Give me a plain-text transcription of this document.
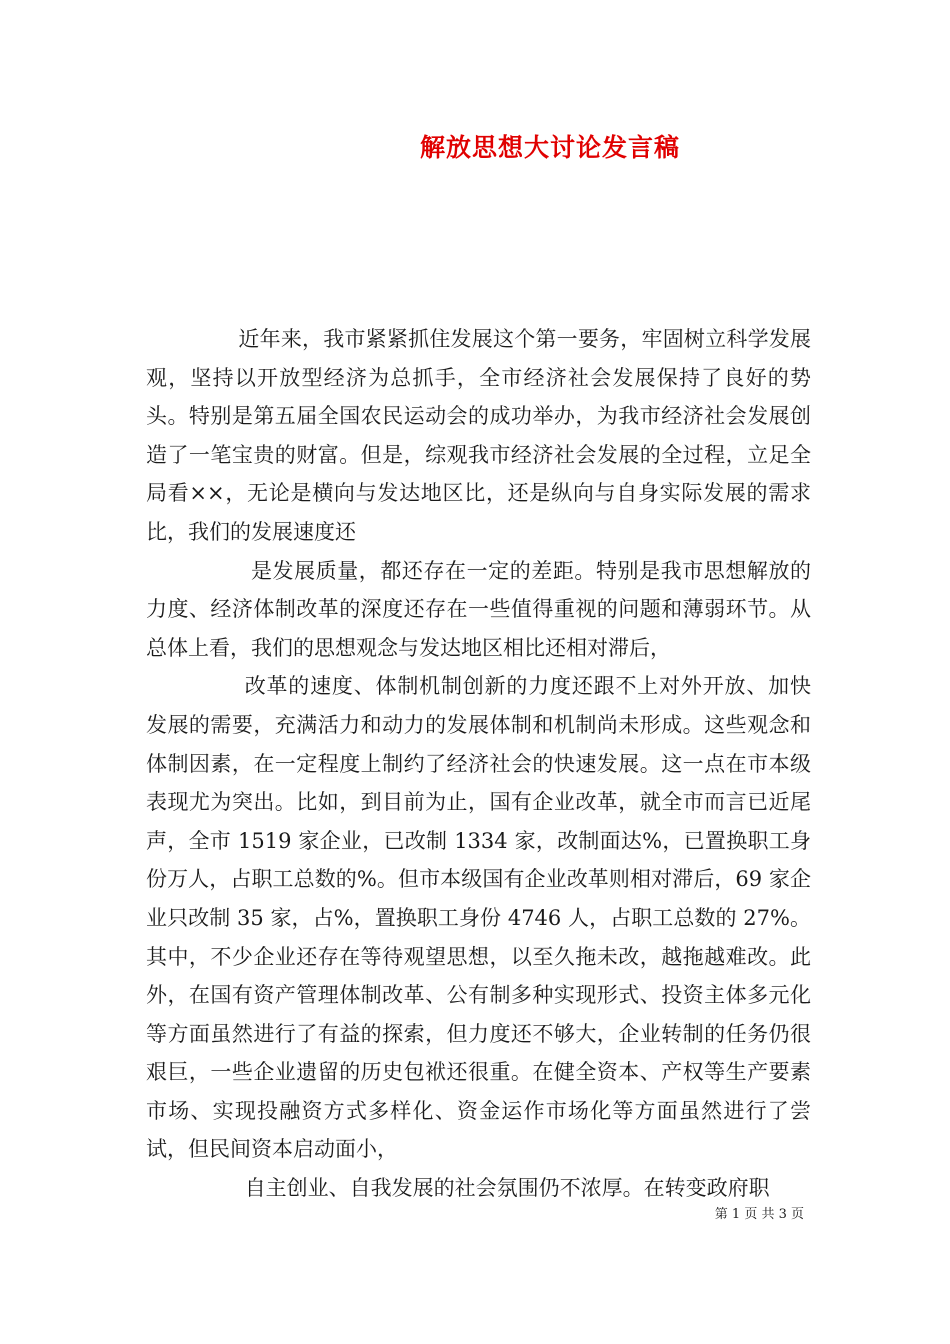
解放思想大讨论发言稿

近年来，我市紧紧抓住发展这个第一要务，牢固树立科学发展观，坚持以开放型经济为总抓手，全市经济社会发展保持了良好的势头。特别是第五届全国农民运动会的成功举办，为我市经济社会发展创造了一笔宝贵的财富。但是，综观我市经济社会发展的全过程，立足全局看××，无论是横向与发达地区比，还是纵向与自身实际发展的需求比，我们的发展速度还

是发展质量，都还存在一定的差距。特别是我市思想解放的力度、经济体制改革的深度还存在一些值得重视的问题和薄弱环节。从总体上看，我们的思想观念与发达地区相比还相对滞后，

改革的速度、体制机制创新的力度还跟不上对外开放、加快发展的需要，充满活力和动力的发展体制和机制尚未形成。这些观念和体制因素，在一定程度上制约了经济社会的快速发展。这一点在市本级表现尤为突出。比如，到目前为止，国有企业改革，就全市而言已近尾声，全市 1519 家企业，已改制 1334 家，改制面达%，已置换职工身份万人，占职工总数的%。但市本级国有企业改革则相对滞后，69 家企业只改制 35 家，占%，置换职工身份 4746 人，占职工总数的 27%。其中，不少企业还存在等待观望思想，以至久拖未改，越拖越难改。此外，在国有资产管理体制改革、公有制多种实现形式、投资主体多元化等方面虽然进行了有益的探索，但力度还不够大，企业转制的任务仍很艰巨，一些企业遗留的历史包袱还很重。在健全资本、产权等生产要素市场、实现投融资方式多样化、资金运作市场化等方面虽然进行了尝试，但民间资本启动面小，

自主创业、自我发展的社会氛围仍不浓厚。在转变政府职

第 1 页 共 3 页
